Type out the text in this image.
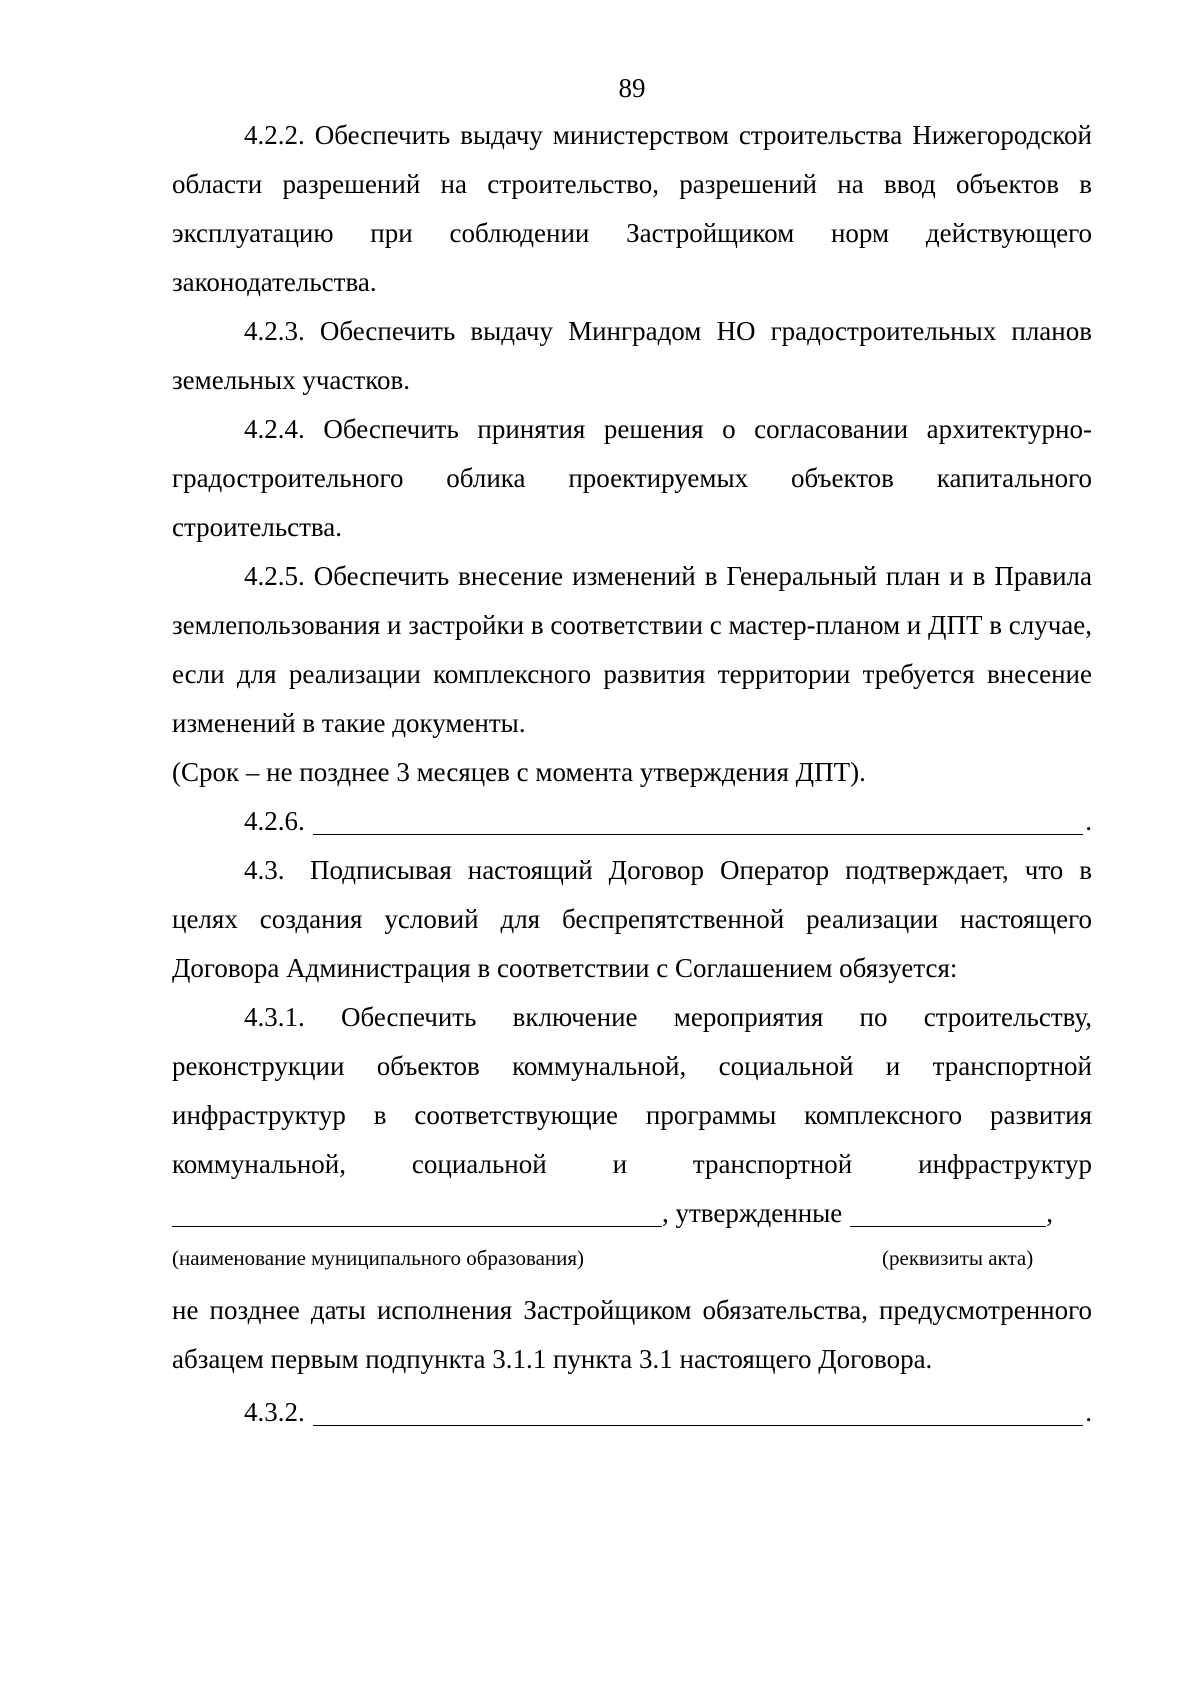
89

4.2.2. Обеспечить выдачу министерством строительства Нижегородской области разрешений на строительство, разрешений на ввод объектов в эксплуатацию при соблюдении Застройщиком норм действующего законодательства.

4.2.3. Обеспечить выдачу Минградом НО градостроительных планов земельных участков.

4.2.4. Обеспечить принятия решения о согласовании архитектурно-градостроительного облика проектируемых объектов капитального строительства.

4.2.5. Обеспечить внесение изменений в Генеральный план и в Правила землепользования и застройки в соответствии с мастер-планом и ДПТ в случае, если для реализации комплексного развития территории требуется внесение изменений в такие документы.

(Срок – не позднее 3 месяцев с момента утверждения ДПТ).

4.2.6.	.

4.3. Подписывая настоящий Договор Оператор подтверждает, что в целях создания условий для беспрепятственной реализации настоящего Договора Администрация в соответствии с Соглашением обязуется:

4.3.1. Обеспечить включение мероприятия по строительству, реконструкции объектов коммунальной, социальной и транспортной инфраструктур в соответствующие программы комплексного развития коммунальной, социальной и транспортной инфраструктур

, утвержденные	,
(наименование муниципального образования)	(реквизиты акта)

не позднее даты исполнения Застройщиком обязательства, предусмотренного абзацем первым подпункта 3.1.1 пункта 3.1 настоящего Договора.

4.3.2.	.
